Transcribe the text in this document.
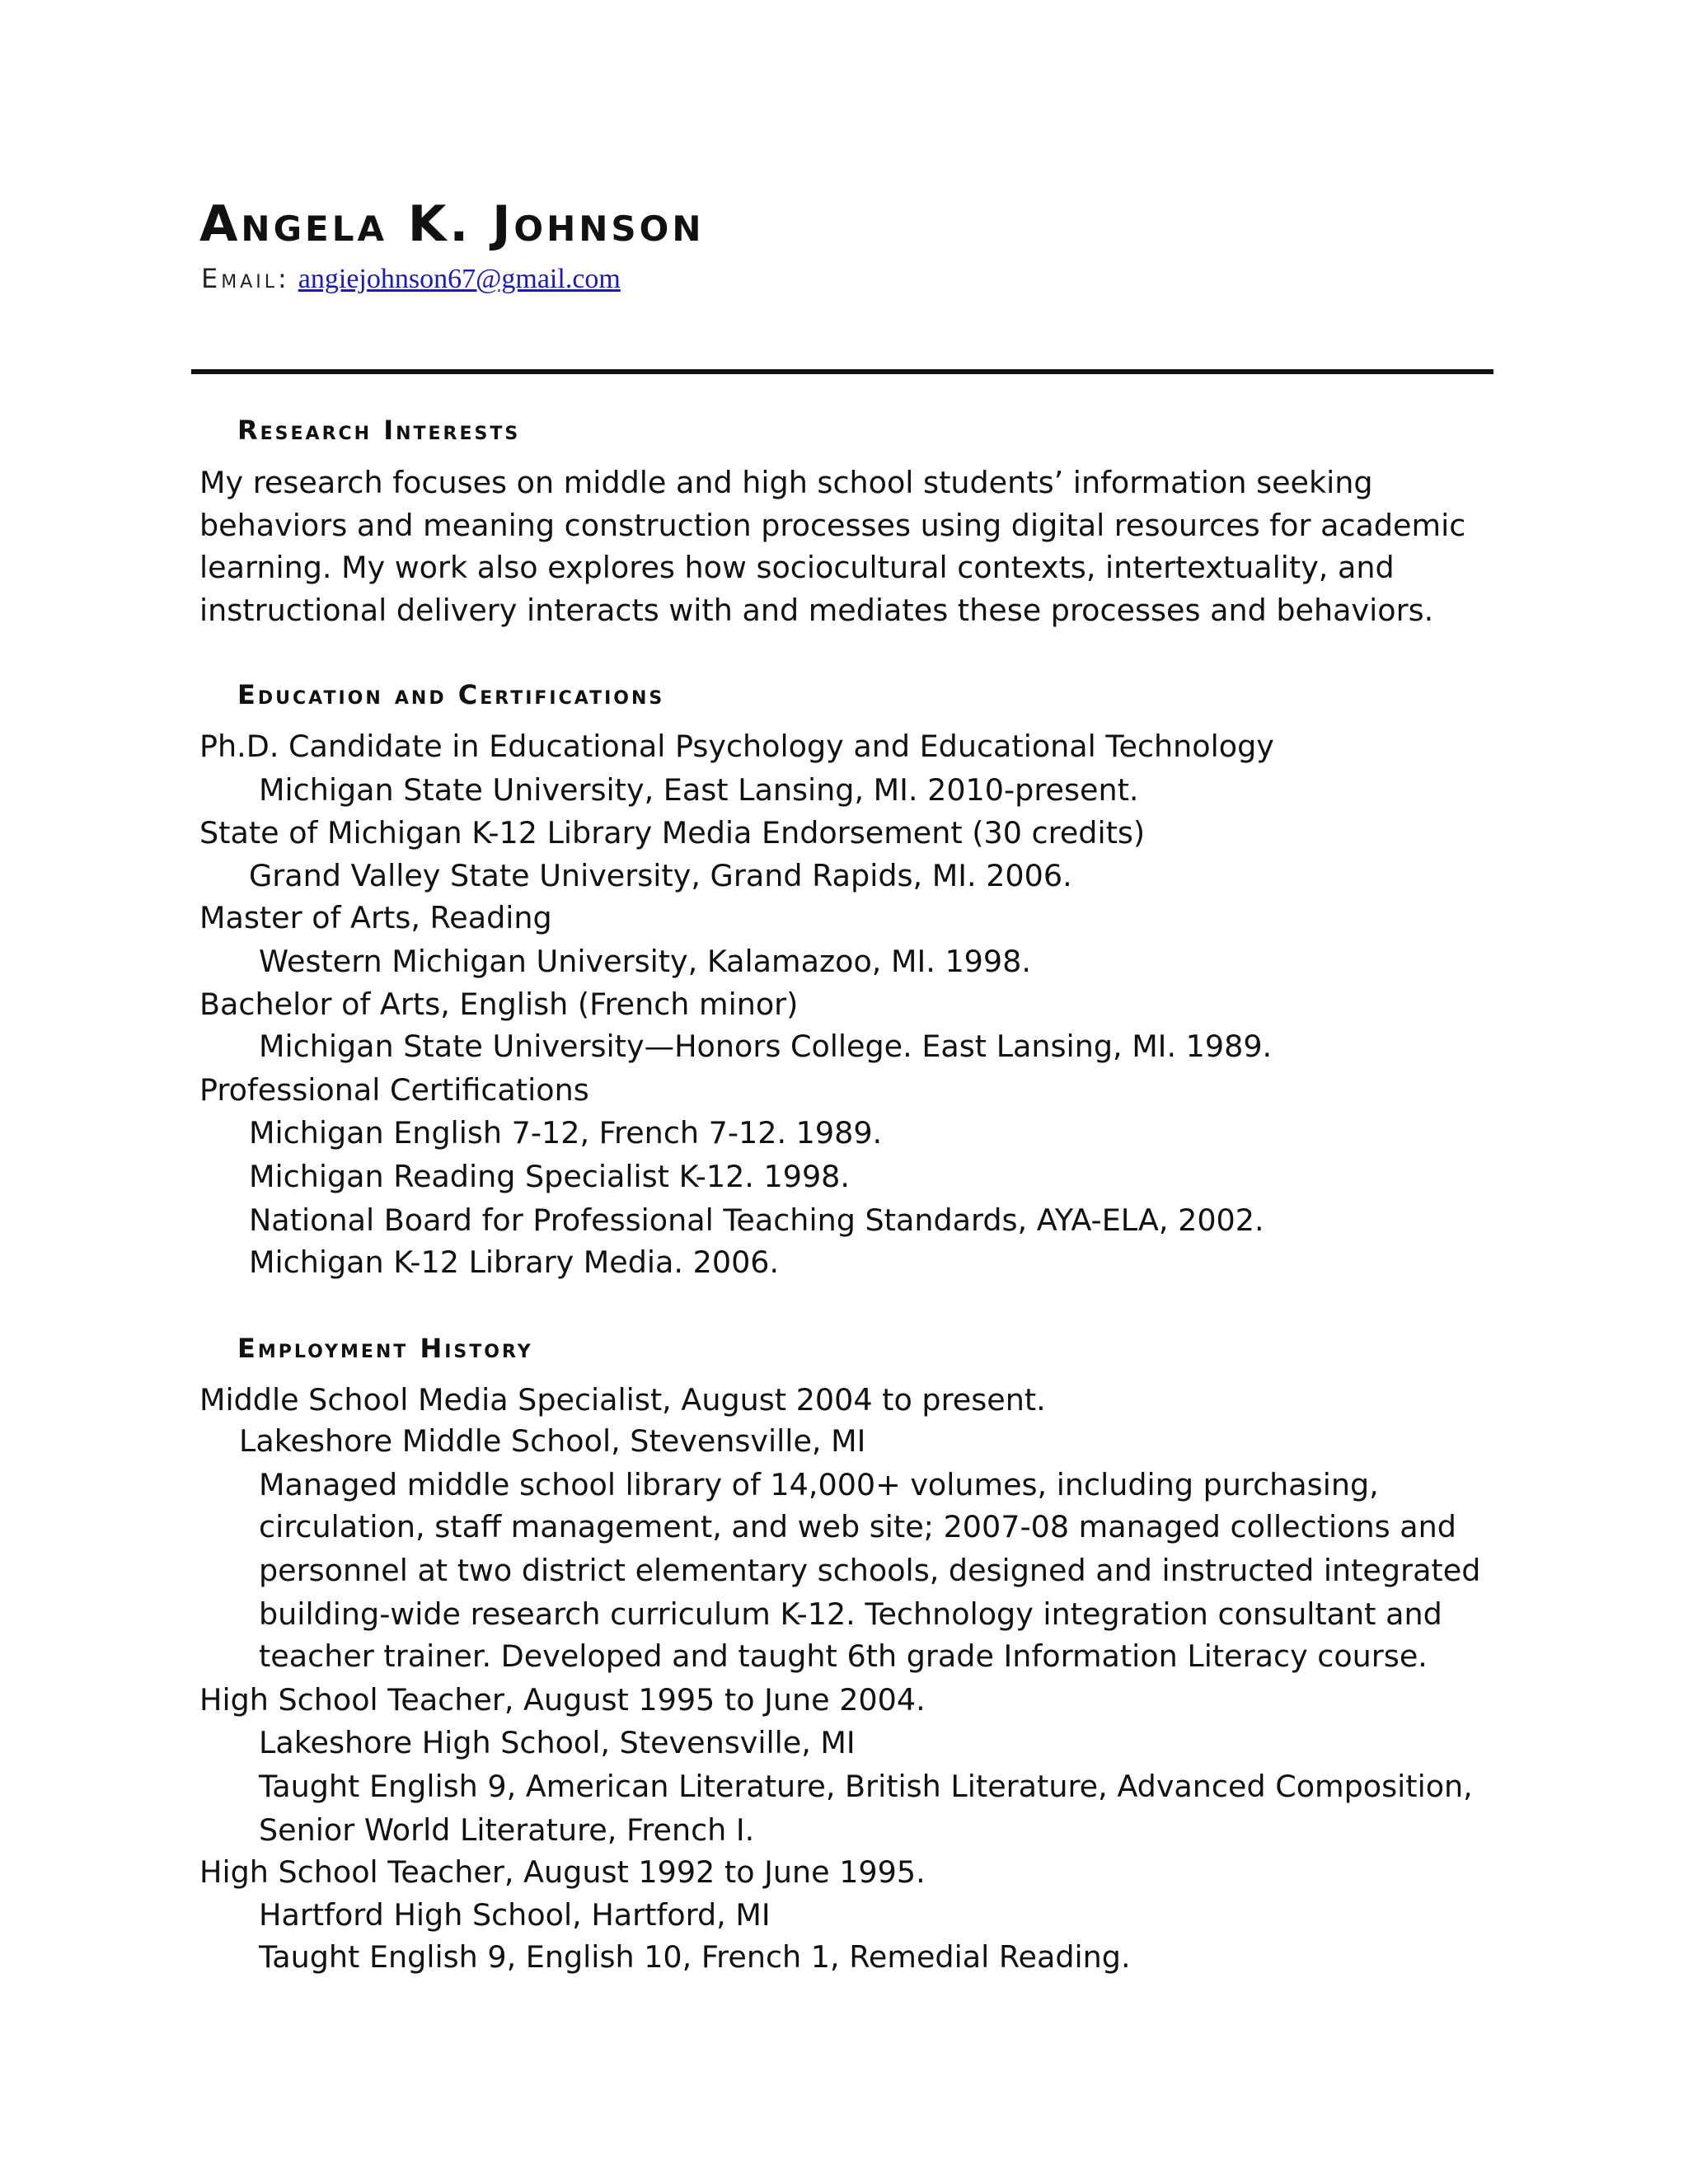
Angela K. Johnson
Email: angiejohnson67@gmail.com
Research Interests
My research focuses on middle and high school students’ information seeking
behaviors and meaning construction processes using digital resources for academic
learning. My work also explores how sociocultural contexts, intertextuality, and
instructional delivery interacts with and mediates these processes and behaviors.
Education and Certifications
Ph.D. Candidate in Educational Psychology and Educational Technology
Michigan State University, East Lansing, MI. 2010-present.
State of Michigan K-12 Library Media Endorsement (30 credits)
Grand Valley State University, Grand Rapids, MI. 2006.
Master of Arts, Reading
Western Michigan University, Kalamazoo, MI. 1998.
Bachelor of Arts, English (French minor)
Michigan State University—Honors College. East Lansing, MI. 1989.
Professional Certifications
Michigan English 7-12, French 7-12. 1989.
Michigan Reading Specialist K-12. 1998.
National Board for Professional Teaching Standards, AYA-ELA, 2002.
Michigan K-12 Library Media. 2006.
Employment History
Middle School Media Specialist, August 2004 to present.
Lakeshore Middle School, Stevensville, MI
Managed middle school library of 14,000+ volumes, including purchasing,
circulation, staff management, and web site; 2007-08 managed collections and
personnel at two district elementary schools, designed and instructed integrated
building-wide research curriculum K-12. Technology integration consultant and
teacher trainer. Developed and taught 6th grade Information Literacy course.
High School Teacher, August 1995 to June 2004.
Lakeshore High School, Stevensville, MI
Taught English 9, American Literature, British Literature, Advanced Composition,
Senior World Literature, French I.
High School Teacher, August 1992 to June 1995.
Hartford High School, Hartford, MI
Taught English 9, English 10, French 1, Remedial Reading.
